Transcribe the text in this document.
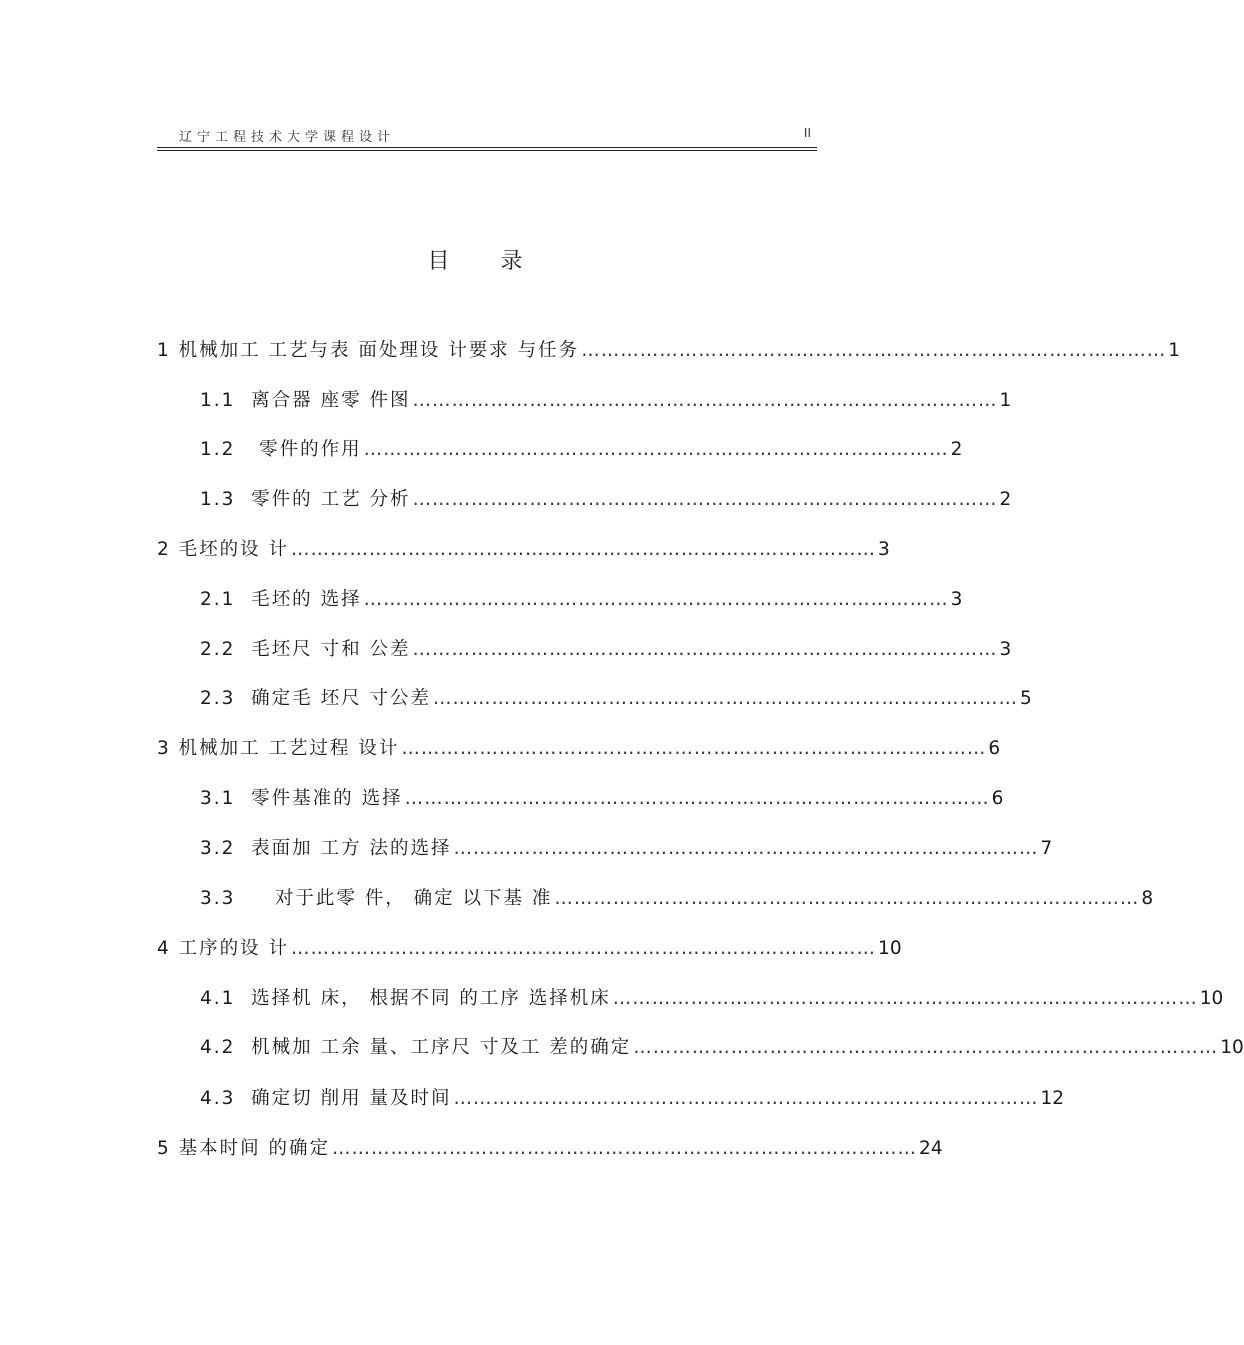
辽宁工程技术大学课程设计	II
目 录
1 机械加工 工艺与表 面处理设 计要求 与任务 ……………………………………………………………………………… 1
1.1  离合器 座零 件图 ……………………………………………………………………………… 1
1.2   零件的作用 ……………………………………………………………………………… 2
1.3  零件的 工艺 分析 ……………………………………………………………………………… 2
2 毛坯的设 计 ……………………………………………………………………………… 3
2.1  毛坯的 选择 ……………………………………………………………………………… 3
2.2  毛坯尺 寸和 公差 ……………………………………………………………………………… 3
2.3  确定毛 坯尺 寸公差 ……………………………………………………………………………… 5
3 机械加工 工艺过程 设计 ……………………………………………………………………………… 6
3.1  零件基准的 选择 ……………………………………………………………………………… 6
3.2  表面加 工方 法的选择 ……………………………………………………………………………… 7
3.3     对于此零 件， 确定 以下基 准 ……………………………………………………………………………… 8
4 工序的设 计 ……………………………………………………………………………… 10
4.1  选择机 床， 根据不同 的工序 选择机床 ……………………………………………………………………………… 10
4.2  机械加 工余 量、工序尺 寸及工 差的确定 ……………………………………………………………………………… 10
4.3  确定切 削用 量及时间 ……………………………………………………………………………… 12
5 基本时间 的确定 ……………………………………………………………………………… 24
